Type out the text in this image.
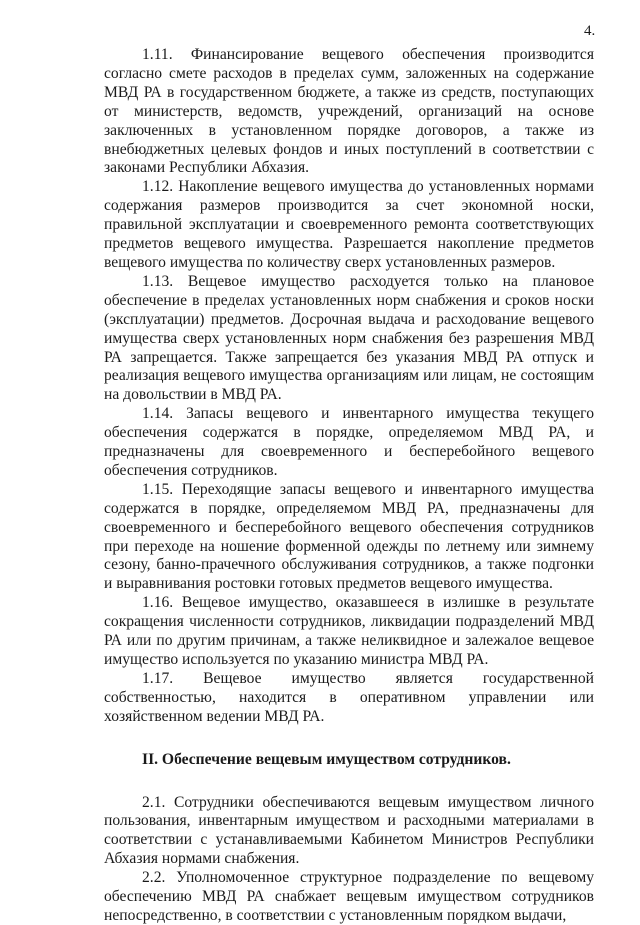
4.

1.11. Финансирование вещевого обеспечения производится согласно смете расходов в пределах сумм, заложенных на содержание МВД РА в государственном бюджете, а также из средств, поступающих от министерств, ведомств, учреждений, организаций на основе заключенных в установленном порядке договоров, а также из внебюджетных целевых фондов и иных поступлений в соответствии с законами Республики Абхазия.

1.12. Накопление вещевого имущества до установленных нормами содержания размеров производится за счет экономной носки, правильной эксплуатации и своевременного ремонта соответствующих предметов вещевого имущества. Разрешается накопление предметов вещевого имущества по количеству сверх установленных размеров.

1.13. Вещевое имущество расходуется только на плановое обеспечение в пределах установленных норм снабжения и сроков носки (эксплуатации) предметов. Досрочная выдача и расходование вещевого имущества сверх установленных норм снабжения без разрешения МВД РА запрещается. Также запрещается без указания МВД РА отпуск и реализация вещевого имущества организациям или лицам, не состоящим на довольствии в МВД РА.

1.14. Запасы вещевого и инвентарного имущества текущего обеспечения содержатся в порядке, определяемом МВД РА, и предназначены для своевременного и бесперебойного вещевого обеспечения сотрудников.

1.15. Переходящие запасы вещевого и инвентарного имущества содержатся в порядке, определяемом МВД РА, предназначены для своевременного и бесперебойного вещевого обеспечения сотрудников при переходе на ношение форменной одежды по летнему или зимнему сезону, банно-прачечного обслуживания сотрудников, а также подгонки и выравнивания ростовки готовых предметов вещевого имущества.

1.16. Вещевое имущество, оказавшееся в излишке в результате сокращения численности сотрудников, ликвидации подразделений МВД РА или по другим причинам, а также неликвидное и залежалое вещевое имущество используется по указанию министра МВД РА.

1.17. Вещевое имущество является государственной собственностью, находится в оперативном управлении или хозяйственном ведении МВД РА.

II. Обеспечение вещевым имуществом сотрудников.

2.1. Сотрудники обеспечиваются вещевым имуществом личного пользования, инвентарным имуществом и расходными материалами в соответствии с устанавливаемыми Кабинетом Министров Республики Абхазия нормами снабжения.

2.2. Уполномоченное структурное подразделение по вещевому обеспечению МВД РА снабжает вещевым имуществом сотрудников непосредственно, в соответствии с установленным порядком выдачи,
